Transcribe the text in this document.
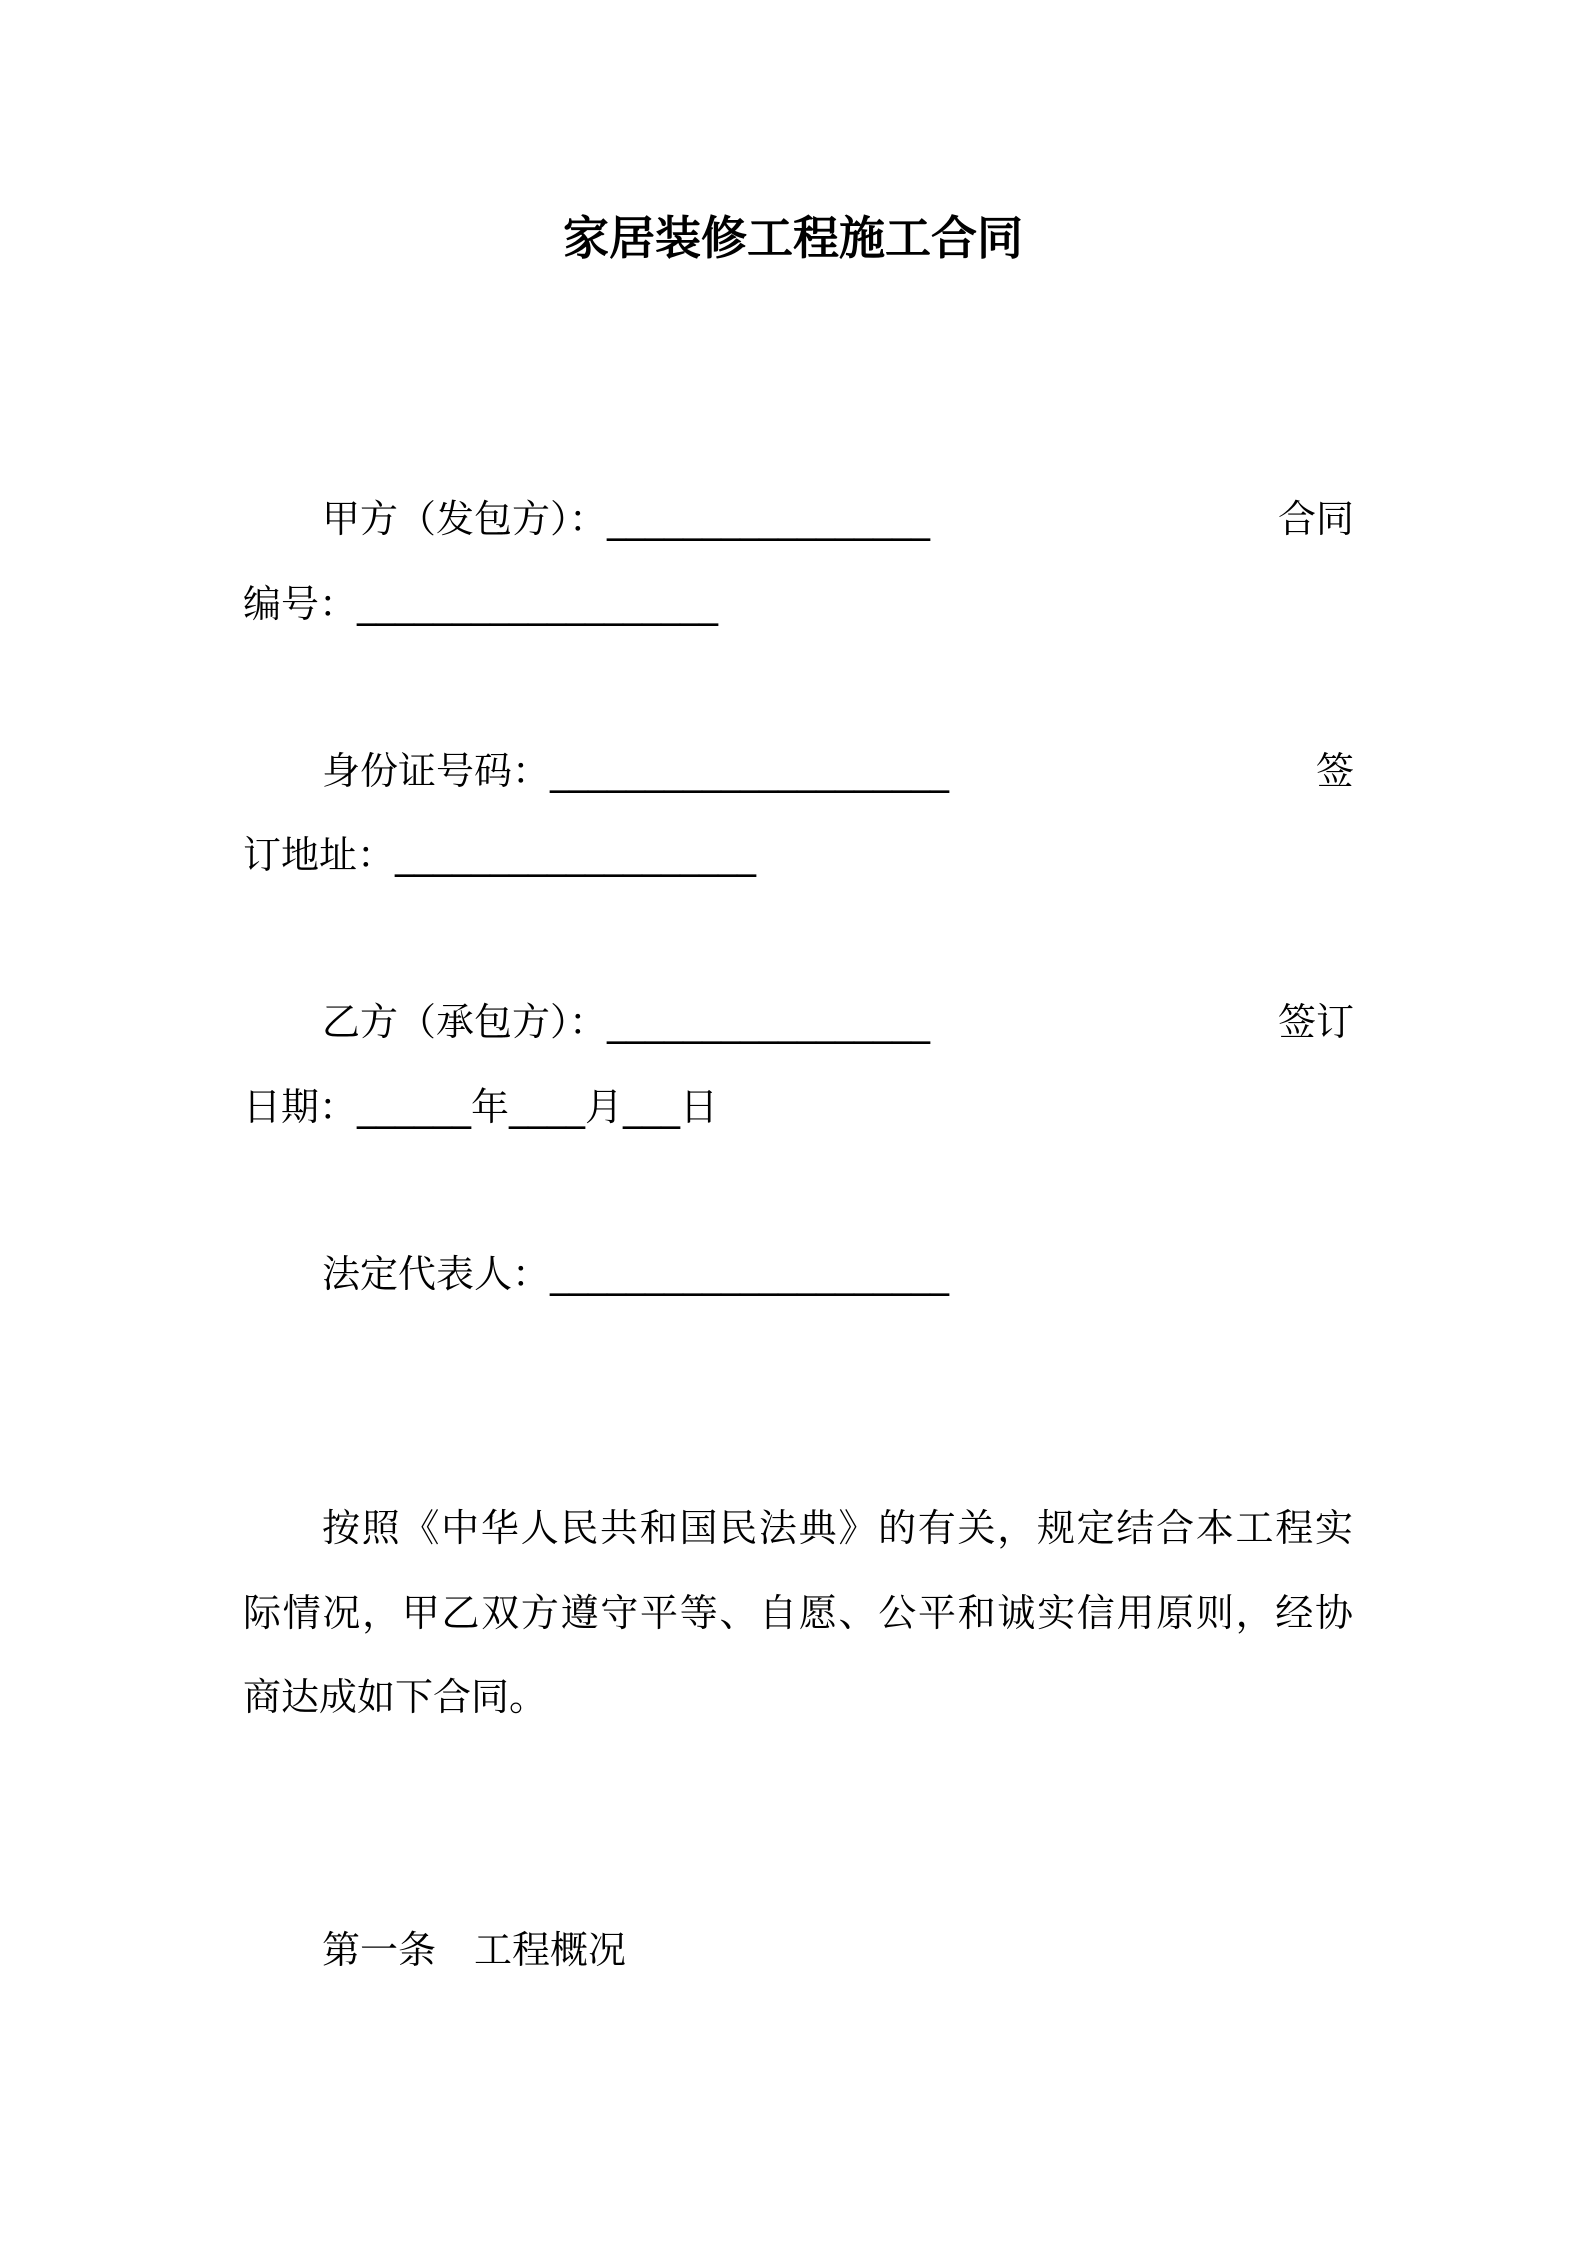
家居装修工程施工合同
甲方（发包方）：_________________	合同
编号：___________________
身份证号码：_____________________	签
订地址：___________________
乙方（承包方）：_________________	签订
日期：______年____月___日
法定代表人：_____________________
按照《中华人民共和国民法典》的有关，规定结合本工程实
际情况，甲乙双方遵守平等、自愿、公平和诚实信用原则，经协
商达成如下合同。
第一条　工程概况
